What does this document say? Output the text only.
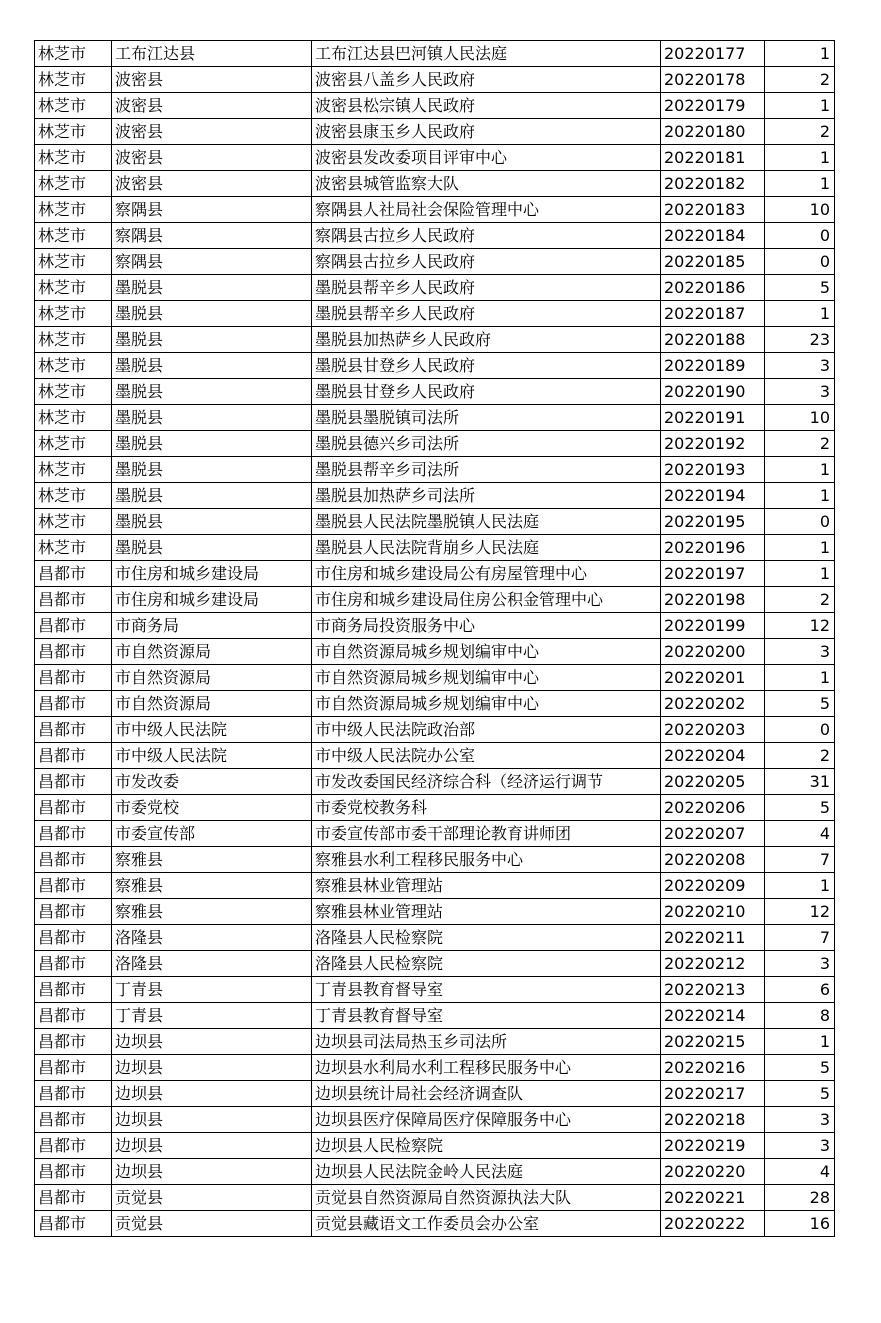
林芝市	工布江达县	工布江达县巴河镇人民法庭	20220177	1
林芝市	波密县	波密县八盖乡人民政府	20220178	2
林芝市	波密县	波密县松宗镇人民政府	20220179	1
林芝市	波密县	波密县康玉乡人民政府	20220180	2
林芝市	波密县	波密县发改委项目评审中心	20220181	1
林芝市	波密县	波密县城管监察大队	20220182	1
林芝市	察隅县	察隅县人社局社会保险管理中心	20220183	10
林芝市	察隅县	察隅县古拉乡人民政府	20220184	0
林芝市	察隅县	察隅县古拉乡人民政府	20220185	0
林芝市	墨脱县	墨脱县帮辛乡人民政府	20220186	5
林芝市	墨脱县	墨脱县帮辛乡人民政府	20220187	1
林芝市	墨脱县	墨脱县加热萨乡人民政府	20220188	23
林芝市	墨脱县	墨脱县甘登乡人民政府	20220189	3
林芝市	墨脱县	墨脱县甘登乡人民政府	20220190	3
林芝市	墨脱县	墨脱县墨脱镇司法所	20220191	10
林芝市	墨脱县	墨脱县德兴乡司法所	20220192	2
林芝市	墨脱县	墨脱县帮辛乡司法所	20220193	1
林芝市	墨脱县	墨脱县加热萨乡司法所	20220194	1
林芝市	墨脱县	墨脱县人民法院墨脱镇人民法庭	20220195	0
林芝市	墨脱县	墨脱县人民法院背崩乡人民法庭	20220196	1
昌都市	市住房和城乡建设局	市住房和城乡建设局公有房屋管理中心	20220197	1
昌都市	市住房和城乡建设局	市住房和城乡建设局住房公积金管理中心	20220198	2
昌都市	市商务局	市商务局投资服务中心	20220199	12
昌都市	市自然资源局	市自然资源局城乡规划编审中心	20220200	3
昌都市	市自然资源局	市自然资源局城乡规划编审中心	20220201	1
昌都市	市自然资源局	市自然资源局城乡规划编审中心	20220202	5
昌都市	市中级人民法院	市中级人民法院政治部	20220203	0
昌都市	市中级人民法院	市中级人民法院办公室	20220204	2
昌都市	市发改委	市发改委国民经济综合科（经济运行调节	20220205	31
昌都市	市委党校	市委党校教务科	20220206	5
昌都市	市委宣传部	市委宣传部市委干部理论教育讲师团	20220207	4
昌都市	察雅县	察雅县水利工程移民服务中心	20220208	7
昌都市	察雅县	察雅县林业管理站	20220209	1
昌都市	察雅县	察雅县林业管理站	20220210	12
昌都市	洛隆县	洛隆县人民检察院	20220211	7
昌都市	洛隆县	洛隆县人民检察院	20220212	3
昌都市	丁青县	丁青县教育督导室	20220213	6
昌都市	丁青县	丁青县教育督导室	20220214	8
昌都市	边坝县	边坝县司法局热玉乡司法所	20220215	1
昌都市	边坝县	边坝县水利局水利工程移民服务中心	20220216	5
昌都市	边坝县	边坝县统计局社会经济调查队	20220217	5
昌都市	边坝县	边坝县医疗保障局医疗保障服务中心	20220218	3
昌都市	边坝县	边坝县人民检察院	20220219	3
昌都市	边坝县	边坝县人民法院金岭人民法庭	20220220	4
昌都市	贡觉县	贡觉县自然资源局自然资源执法大队	20220221	28
昌都市	贡觉县	贡觉县藏语文工作委员会办公室	20220222	16
